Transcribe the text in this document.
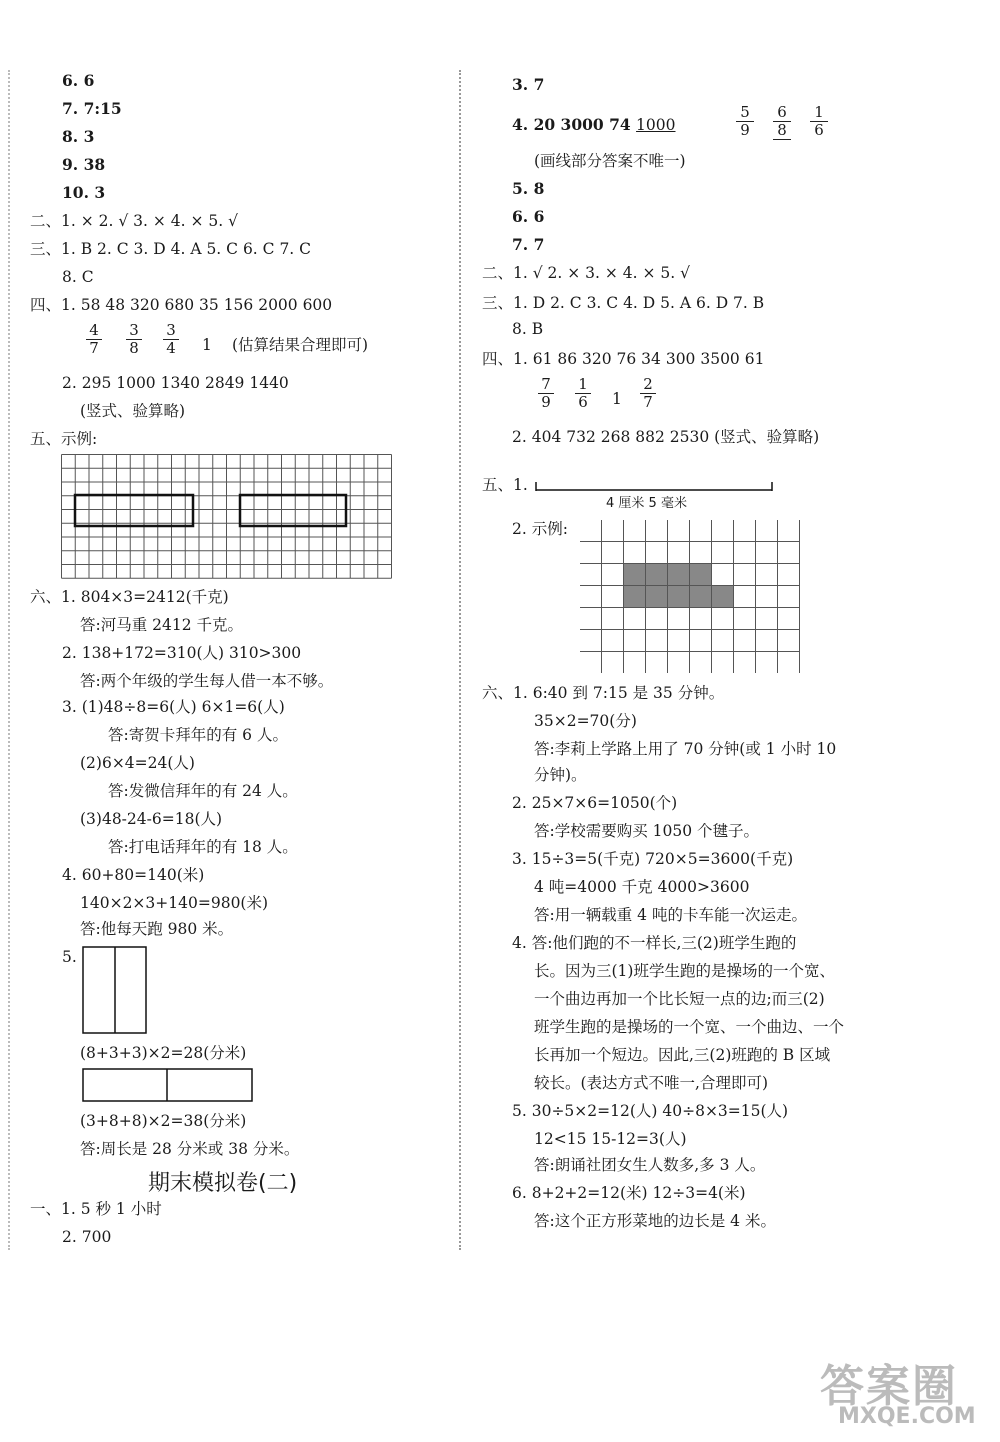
6. 6
7. 7:15
8. 3
9. 38
10. 3
二、1. × 2. √ 3. × 4. × 5. √
三、1. B 2. C 3. D 4. A 5. C 6. C 7. C
8. C
四、1. 58 48 320 680 35 156 2000 600
$\frac{4}{7} \frac{3}{8} \frac{3}{4} 1$ (估算结果合理即可)
2. 295 1000 1340 2849 1440
(竖式、验算略)
五、示例:
六、1. 804×3=2412(千克)
答:河马重 2412 千克。
2. 138+172=310(人) 310>300
答:两个年级的学生每人借一本不够。
3. (1)48÷8=6(人) 6×1=6(人)
答:寄贺卡拜年的有 6 人。
(2)6×4=24(人)
答:发微信拜年的有 24 人。
(3)48-24-6=18(人)
答:打电话拜年的有 18 人。
4. 60+80=140(米)
140×2×3+140=980(米)
答:他每天跑 980 米。
5.
(8+3+3)×2=28(分米)
(3+8+8)×2=38(分米)
答:周长是 28 分米或 38 分米。
期末模拟卷(二)
一、1. 5 秒 1 小时
2. 700
3. 7
4. 20 3000 74 1000	$\frac{5}{9} \frac{6}{8} \frac{1}{6}$
(画线部分答案不唯一)
5. 8
6. 6
7. 7
二、1. √ 2. × 3. × 4. × 5. √
三、1. D 2. C 3. C 4. D 5. A 6. D 7. B
8. B
四、1. 61 86 320 76 34 300 3500 61
$\frac{7}{9} \frac{1}{6} 1 \frac{2}{7}$
2. 404 732 268 882 2530 (竖式、验算略)
五、1.
4 厘米 5 毫米
2. 示例:
六、1. 6:40 到 7:15 是 35 分钟。
35×2=70(分)
答:李莉上学路上用了 70 分钟(或 1 小时 10
分钟)。
2. 25×7×6=1050(个)
答:学校需要购买 1050 个毽子。
3. 15÷3=5(千克) 720×5=3600(千克)
4 吨=4000 千克 4000>3600
答:用一辆载重 4 吨的卡车能一次运走。
4. 答:他们跑的不一样长,三(2)班学生跑的
长。因为三(1)班学生跑的是操场的一个宽、
一个曲边再加一个比长短一点的边;而三(2)
班学生跑的是操场的一个宽、一个曲边、一个
长再加一个短边。因此,三(2)班跑的 B 区域
较长。(表达方式不唯一,合理即可)
5. 30÷5×2=12(人) 40÷8×3=15(人)
12<15 15-12=3(人)
答:朗诵社团女生人数多,多 3 人。
6. 8+2+2=12(米) 12÷3=4(米)
答:这个正方形菜地的边长是 4 米。
答案圈
MXQE.COM
